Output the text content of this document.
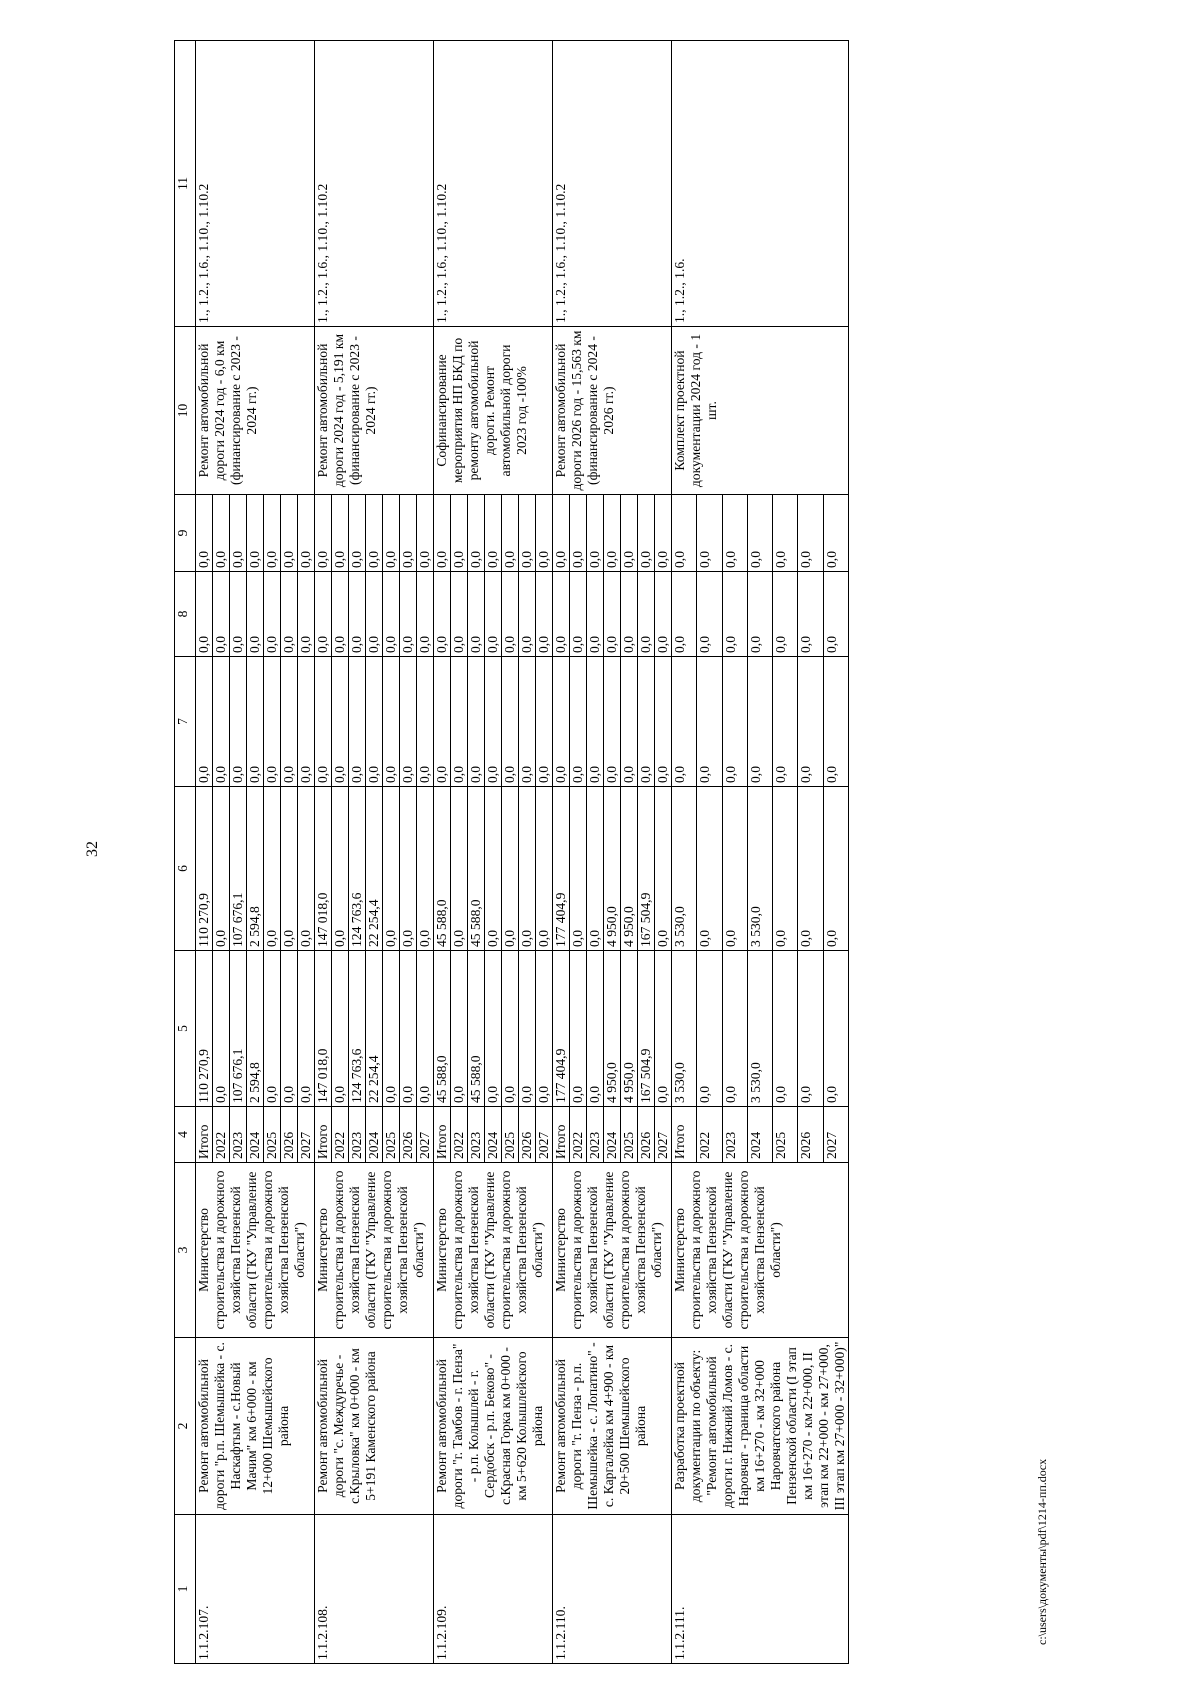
32
1	2	3	4	5	6	7	8	9	10	11
1.1.2.107.	Ремонт автомобильной дороги "р.п. Шемышейка - с. Наскафтым - с.Новый Мачим" км 6+000 - км 12+000 Шемышейского района	Министерство строительства и дорожного хозяйства Пензенской области (ГКУ "Управление строительства и дорожного хозяйства Пензенской области")	Итого	110 270,9	110 270,9	0,0	0,0	0,0	Ремонт автомобильной дороги 2024 год - 6,0 км (финансирование с 2023 - 2024 гг.)	1., 1.2., 1.6., 1.10., 1.10.2
			2022	0,0	0,0	0,0	0,0	0,0		
			2023	107 676,1	107 676,1	0,0	0,0	0,0		
			2024	2 594,8	2 594,8	0,0	0,0	0,0		
			2025	0,0	0,0	0,0	0,0	0,0		
			2026	0,0	0,0	0,0	0,0	0,0		
			2027	0,0	0,0	0,0	0,0	0,0		
1.1.2.108.	Ремонт автомобильной дороги "с. Междуречье - с.Крыловка" км 0+000 - км 5+191 Каменского района	Министерство строительства и дорожного хозяйства Пензенской области (ГКУ "Управление строительства и дорожного хозяйства Пензенской области")	Итого	147 018,0	147 018,0	0,0	0,0	0,0	Ремонт автомобильной дороги 2024 год - 5,191 км (финансирование с 2023 - 2024 гг.)	1., 1.2., 1.6., 1.10., 1.10.2
			2022	0,0	0,0	0,0	0,0	0,0		
			2023	124 763,6	124 763,6	0,0	0,0	0,0		
			2024	22 254,4	22 254,4	0,0	0,0	0,0		
			2025	0,0	0,0	0,0	0,0	0,0		
			2026	0,0	0,0	0,0	0,0	0,0		
			2027	0,0	0,0	0,0	0,0	0,0		
1.1.2.109.	Ремонт автомобильной дороги "г. Тамбов - г. Пенза" - р.п. Колышлей - г. Сердобск - р.п. Беково" - с.Красная Горка км 0+000 - км 5+620 Колышлейского района	Министерство строительства и дорожного хозяйства Пензенской области (ГКУ "Управление строительства и дорожного хозяйства Пензенской области")	Итого	45 588,0	45 588,0	0,0	0,0	0,0	Софинансирование мероприятия НП БКД по ремонту автомобильной дороги. Ремонт автомобильной дороги 2023 год -100%	1., 1.2., 1.6., 1.10., 1.10.2
			2022	0,0	0,0	0,0	0,0	0,0		
			2023	45 588,0	45 588,0	0,0	0,0	0,0		
			2024	0,0	0,0	0,0	0,0	0,0		
			2025	0,0	0,0	0,0	0,0	0,0		
			2026	0,0	0,0	0,0	0,0	0,0		
			2027	0,0	0,0	0,0	0,0	0,0		
1.1.2.110.	Ремонт автомобильной дороги "г. Пенза - р.п. Шемышейка - с. Лопатино" - с. Каргалейка км 4+900 - км 20+500 Шемышейского района	Министерство строительства и дорожного хозяйства Пензенской области (ГКУ "Управление строительства и дорожного хозяйства Пензенской области")	Итого	177 404,9	177 404,9	0,0	0,0	0,0	Ремонт автомобильной дороги 2026 год - 15,563 км (финансирование с 2024 - 2026 гг.)	1., 1.2., 1.6., 1.10., 1.10.2
			2022	0,0	0,0	0,0	0,0	0,0		
			2023	0,0	0,0	0,0	0,0	0,0		
			2024	4 950,0	4 950,0	0,0	0,0	0,0		
			2025	4 950,0	4 950,0	0,0	0,0	0,0		
			2026	167 504,9	167 504,9	0,0	0,0	0,0		
			2027	0,0	0,0	0,0	0,0	0,0		
1.1.2.111.	Разработка проектной документации по объекту: "Ремонт автомобильной дороги г. Нижний Ломов - с. Наровчат - граница области км 16+270 - км 32+000 Наровчатского района Пензенской области (I этап км 16+270 - км 22+000, II этап км 22+000 - км 27+000, III этап км 27+000 - 32+000)"	Министерство строительства и дорожного хозяйства Пензенской области (ГКУ "Управление строительства и дорожного хозяйства Пензенской области")	Итого	3 530,0	3 530,0	0,0	0,0	0,0	Комплект проектной документации 2024 год - 1 шт.	1., 1.2., 1.6.
			2022	0,0	0,0	0,0	0,0	0,0		
			2023	0,0	0,0	0,0	0,0	0,0		
			2024	3 530,0	3 530,0	0,0	0,0	0,0		
			2025	0,0	0,0	0,0	0,0	0,0		
			2026	0,0	0,0	0,0	0,0	0,0		
			2027	0,0	0,0	0,0	0,0	0,0		
c:\users\документы\pdf\1214-пп.docx
